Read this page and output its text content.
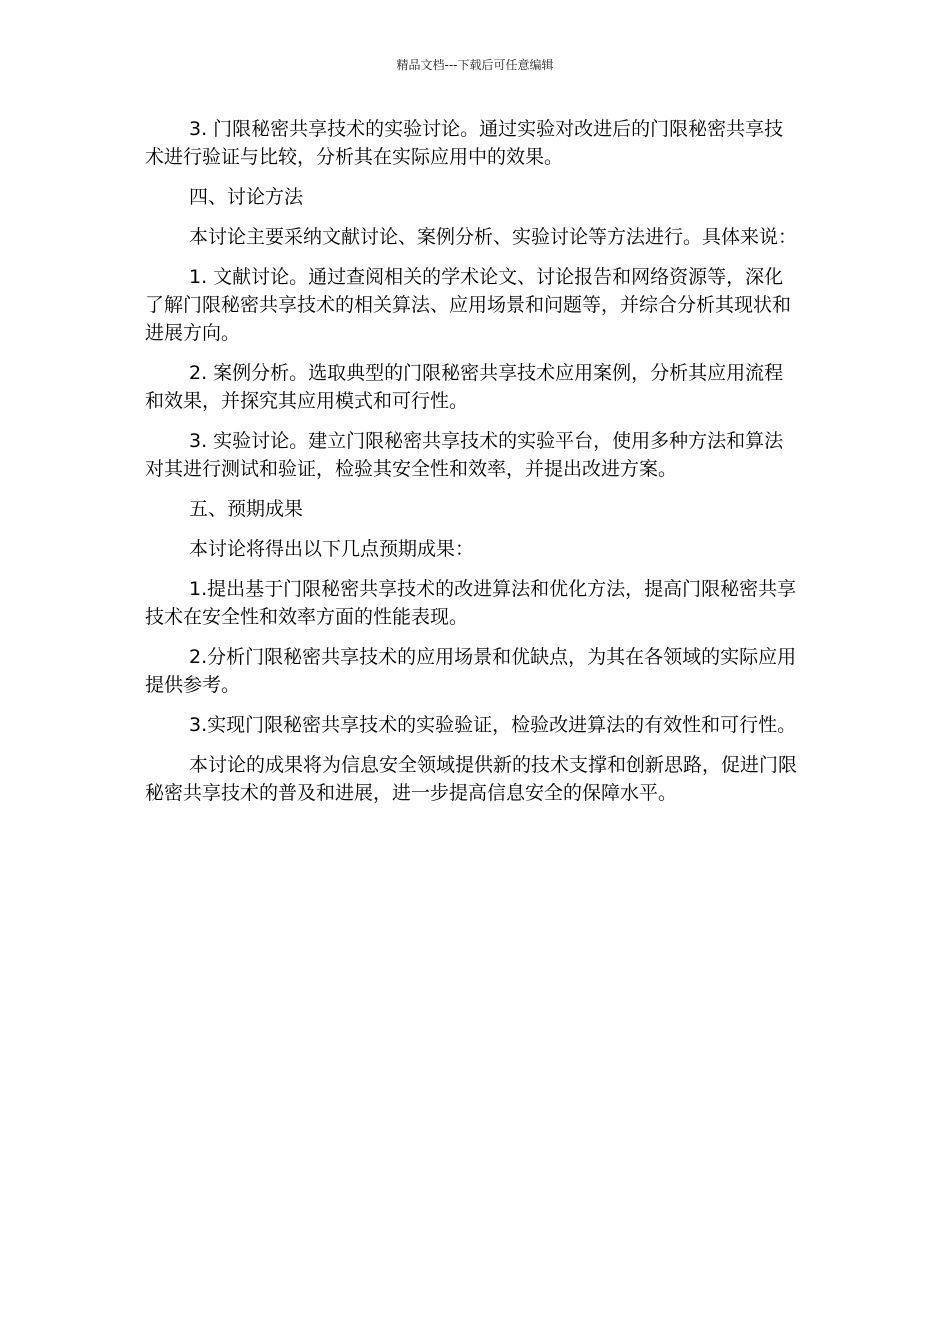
精品文档---下载后可任意编辑

3. 门限秘密共享技术的实验讨论。通过实验对改进后的门限秘密共享技术进行验证与比较，分析其在实际应用中的效果。

四、讨论方法

本讨论主要采纳文献讨论、案例分析、实验讨论等方法进行。具体来说：

1. 文献讨论。通过查阅相关的学术论文、讨论报告和网络资源等，深化了解门限秘密共享技术的相关算法、应用场景和问题等，并综合分析其现状和进展方向。

2. 案例分析。选取典型的门限秘密共享技术应用案例，分析其应用流程和效果，并探究其应用模式和可行性。

3. 实验讨论。建立门限秘密共享技术的实验平台，使用多种方法和算法对其进行测试和验证，检验其安全性和效率，并提出改进方案。

五、预期成果

本讨论将得出以下几点预期成果：

1.提出基于门限秘密共享技术的改进算法和优化方法，提高门限秘密共享技术在安全性和效率方面的性能表现。

2.分析门限秘密共享技术的应用场景和优缺点，为其在各领域的实际应用提供参考。

3.实现门限秘密共享技术的实验验证，检验改进算法的有效性和可行性。

本讨论的成果将为信息安全领域提供新的技术支撑和创新思路，促进门限秘密共享技术的普及和进展，进一步提高信息安全的保障水平。
